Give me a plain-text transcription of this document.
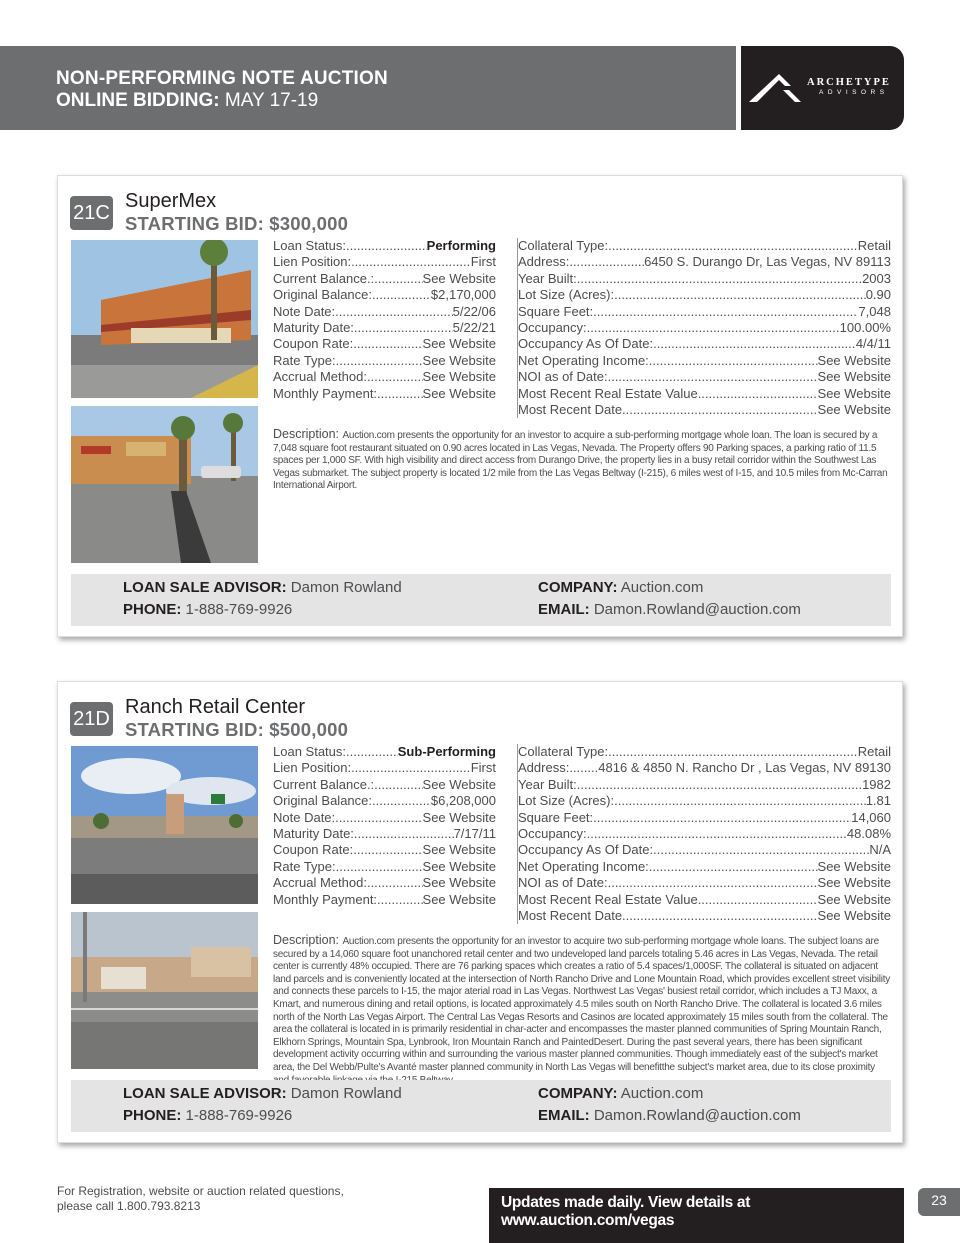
NON-PERFORMING NOTE AUCTION
ONLINE BIDDING: MAY 17-19
ARCHETYPE
ADVISORS
21C
SuperMex
STARTING BID: $300,000
Loan Status: .....	Performing
Lien Position: .....	First
Current Balance.: .....	See Website
Original Balance: .....	$2,170,000
Note Date: .....	5/22/06
Maturity Date: .....	5/22/21
Coupon Rate: .....	See Website
Rate Type: .....	See Website
Accrual Method: .....	See Website
Monthly Payment: .....	See Website
Collateral Type: .....	Retail
Address: .....	6450 S. Durango Dr, Las Vegas, NV 89113
Year Built: .....	2003
Lot Size (Acres): .....	0.90
Square Feet: .....	7,048
Occupancy: .....	100.00%
Occupancy As Of Date: .....	4/4/11
Net Operating Income: .....	See Website
NOI as of Date: .....	See Website
Most Recent Real Estate Value .....	See Website
Most Recent Date .....	See Website
Description: Auction.com presents the opportunity for an investor to acquire a sub-performing mortgage whole loan. The loan is secured by a 7,048 square foot restaurant situated on 0.90 acres located in Las Vegas, Nevada. The Property offers 90 Parking spaces, a parking ratio of 11.5 spaces per 1,000 SF. With high visibility and direct access from Durango Drive, the property lies in a busy retail corridor within the Southwest Las Vegas submarket. The subject property is located 1/2 mile from the Las Vegas Beltway (I-215), 6 miles west of I-15, and 10.5 miles from Mc-Carran International Airport.
LOAN SALE ADVISOR: Damon Rowland
PHONE: 1-888-769-9926
COMPANY: Auction.com
EMAIL: Damon.Rowland@auction.com
21D
Ranch Retail Center
STARTING BID: $500,000
Loan Status: .....	Sub-Performing
Lien Position: .....	First
Current Balance.: .....	See Website
Original Balance: .....	$6,208,000
Note Date: .....	See Website
Maturity Date: .....	7/17/11
Coupon Rate: .....	See Website
Rate Type: .....	See Website
Accrual Method: .....	See Website
Monthly Payment: .....	See Website
Collateral Type: .....	Retail
Address: ..... 4816 & 4850 N. Rancho Dr , Las Vegas, NV 89130
Year Built: .....	1982
Lot Size (Acres): .....	1.81
Square Feet: .....	14,060
Occupancy: .....	48.08%
Occupancy As Of Date: .....	N/A
Net Operating Income: .....	See Website
NOI as of Date: .....	See Website
Most Recent Real Estate Value .....	See Website
Most Recent Date .....	See Website
Description: Auction.com presents the opportunity for an investor to acquire two sub-performing mortgage whole loans. The subject loans are secured by a 14,060 square foot unanchored retail center and two undeveloped land parcels totaling 5.46 acres in Las Vegas, Nevada. The retail center is currently 48% occupied. There are 76 parking spaces which creates a ratio of 5.4 spaces/1,000SF. The collateral is situated on adjacent land parcels and is conveniently located at the intersection of North Rancho Drive and Lone Mountain Road, which provides excellent street visibility and connects these parcels to I-15, the major aterial road in Las Vegas. Northwest Las Vegas' busiest retail corridor, which includes a TJ Maxx, a Kmart, and numerous dining and retail options, is located approximately 4.5 miles south on North Rancho Drive. The collateral is located 3.6 miles north of the North Las Vegas Airport. The Central Las Vegas Resorts and Casinos are located approximately 15 miles south from the collateral. The area the collateral is located in is primarily residential in char-acter and encompasses the master planned communities of Spring Mountain Ranch, Elkhorn Springs, Mountain Spa, Lynbrook, Iron Mountain Ranch and PaintedDesert. During the past several years, there has been significant development activity occurring within and surrounding the various master planned communities. Though immediately east of the subject's market area, the Del Webb/Pulte's Avanté master planned community in North Las Vegas will benefitthe subject's market area, due to its close proximity
LOAN SALE ADVISOR: Damon Rowland
PHONE: 1-888-769-9926
COMPANY: Auction.com
EMAIL: Damon.Rowland@auction.com
For Registration, website or auction related questions,
please call 1.800.793.8213	Updates made daily. View details at www.auction.com/vegas
23
